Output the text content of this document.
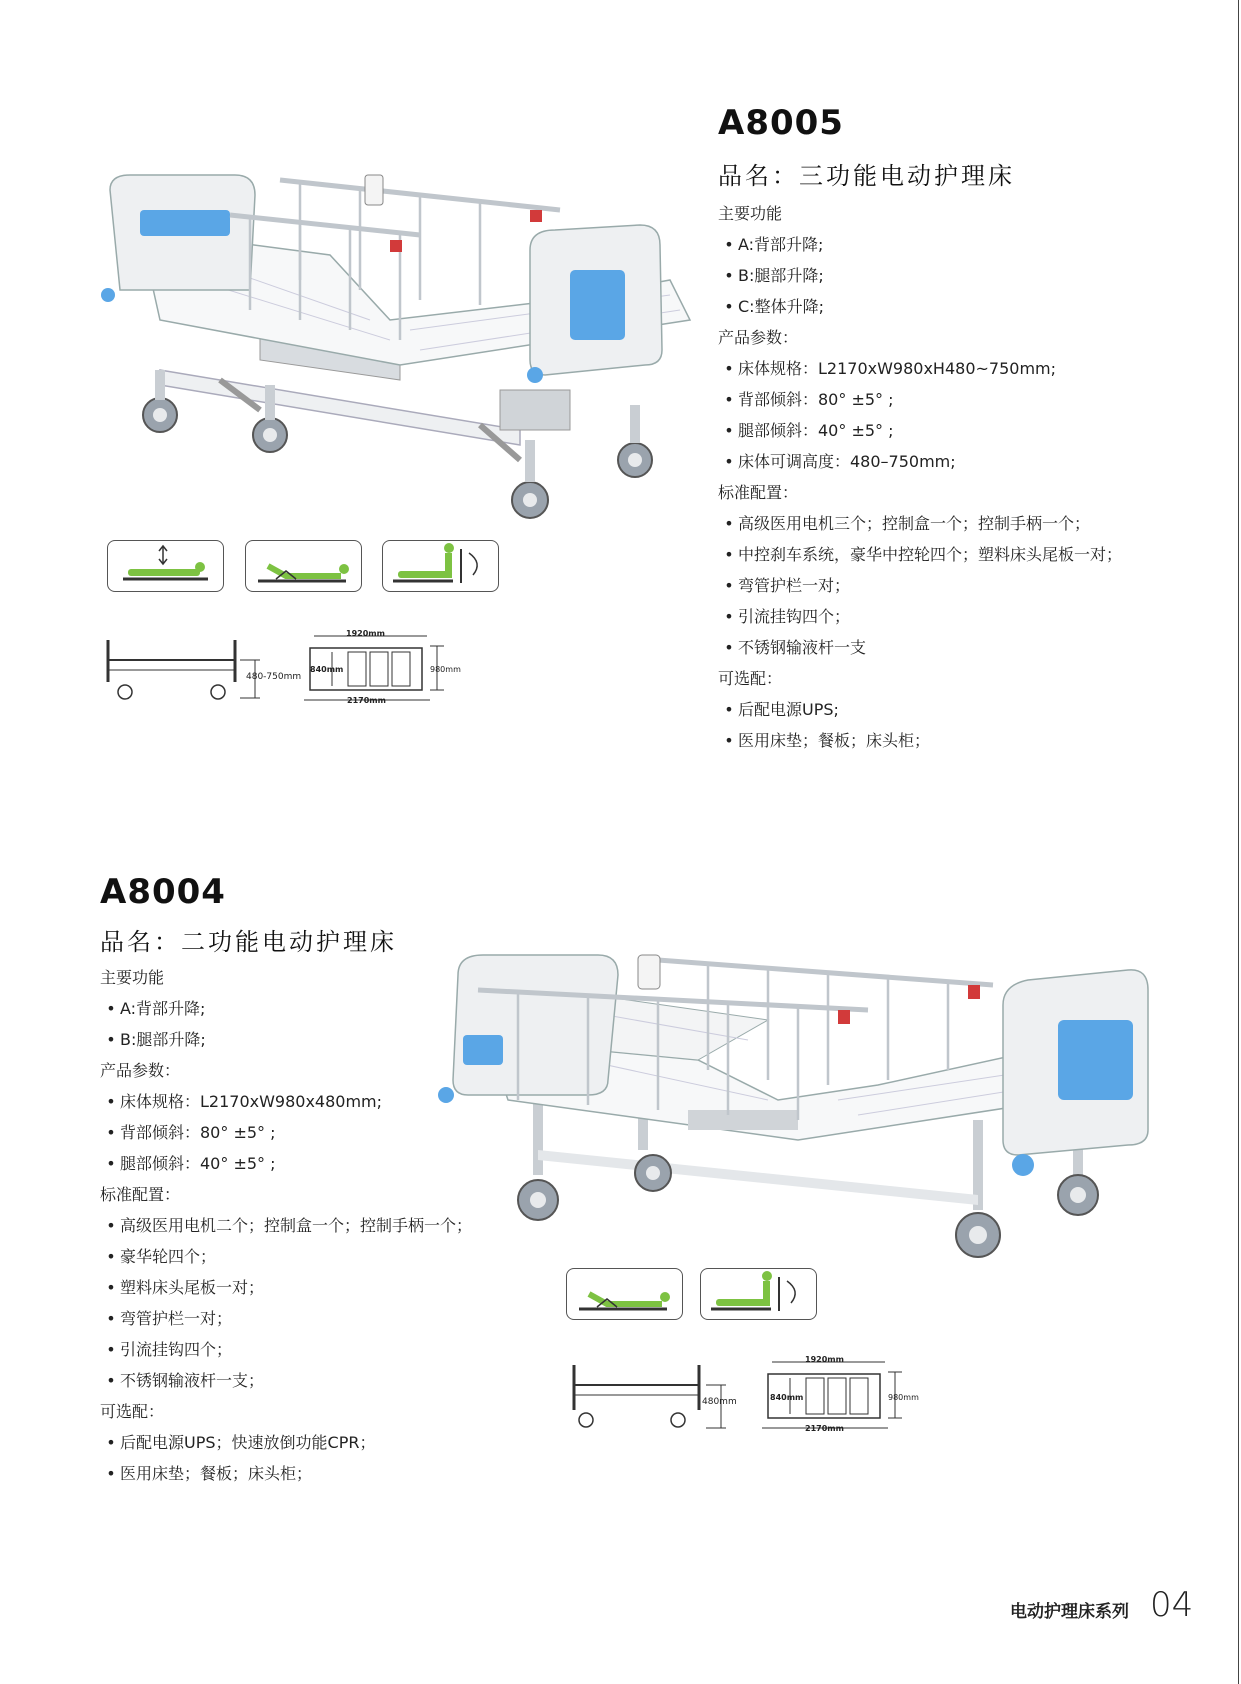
A8005
品名：三功能电动护理床
主要功能
• A:背部升降;
• B:腿部升降;
• C:整体升降;
产品参数：
• 床体规格：L2170xW980xH480~750mm;
• 背部倾斜：80° ±5° ;
• 腿部倾斜：40° ±5° ;
• 床体可调高度：480–750mm;
标准配置：
• 高级医用电机三个；控制盒一个；控制手柄一个；
• 中控刹车系统，豪华中控轮四个；塑料床头尾板一对；
• 弯管护栏一对；
• 引流挂钩四个；
• 不锈钢输液杆一支
可选配：
• 后配电源UPS;
• 医用床垫；餐板；床头柜；
480-750mm
1920mm
840mm	980mm
2170mm
A8004
品名：二功能电动护理床
主要功能
• A:背部升降;
• B:腿部升降;
产品参数：
• 床体规格：L2170xW980x480mm;
• 背部倾斜：80° ±5° ;
• 腿部倾斜：40° ±5° ;
标准配置：
• 高级医用电机二个；控制盒一个；控制手柄一个；
• 豪华轮四个；
• 塑料床头尾板一对；
• 弯管护栏一对；
• 引流挂钩四个；
• 不锈钢输液杆一支；
可选配：
• 后配电源UPS；快速放倒功能CPR；
• 医用床垫；餐板；床头柜；
480mm
1920mm
840mm	980mm
2170mm
电动护理床系列 04
